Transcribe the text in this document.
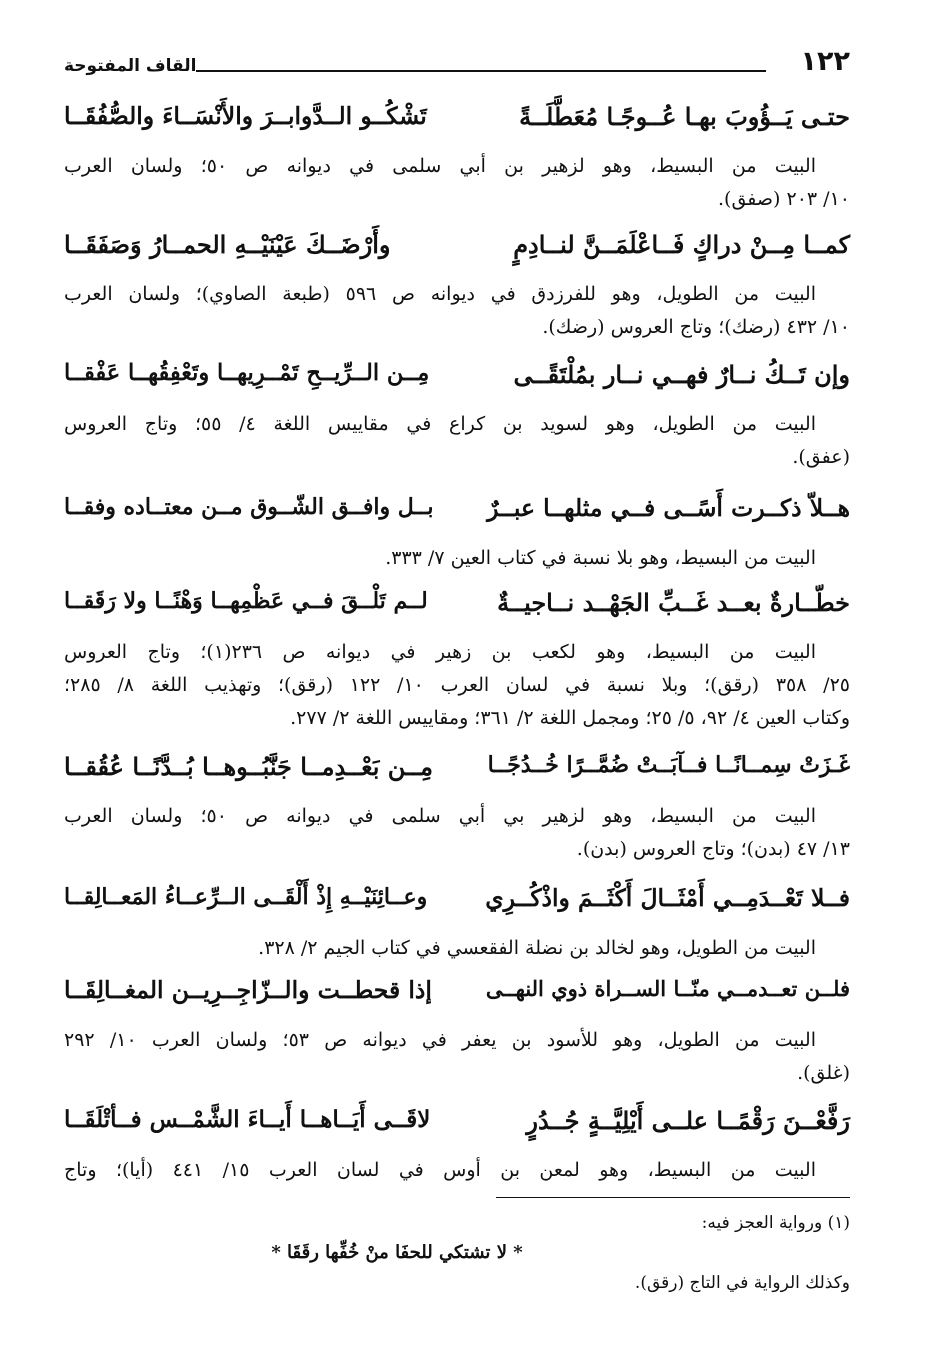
١٢٢
القاف المفتوحة
حتـى يَــؤُوبَ بهـا عُــوجًـا مُعَطَّلَــةً
تَشْكُــو الــدَّوابــرَ والأَنْسَــاءَ والصُّفُقَــا
البيت من البسيط، وهو لزهير بن أبي سلمى في ديوانه ص ٥٠؛ ولسان العرب
١٠/ ٢٠٣ (صفق).
كمــا مِــنْ دراكٍ فَــاعْلَمَــنَّ لنــادِمٍ
وأَرْضَــكَ عَيْنَيْــهِ الحمــارُ وَصَفَقَــا
البيت من الطويل، وهو للفرزدق في ديوانه ص ٥٩٦ (طبعة الصاوي)؛ ولسان العرب
١٠/ ٤٣٢ (رضك)؛ وتاج العروس (رضك).
وإن تَــكُ نــارٌ فهــي نــار بمُلْتَقًــى
مِــن الــرِّيــحِ تَمْــرِيهــا وتَعْفِقُهــا عَفْقــا
البيت من الطويل، وهو لسويد بن كراع في مقاييس اللغة ٤/ ٥٥؛ وتاج العروس
(عفق).
هــلاّ ذكــرت أَسًــى فــي مثلهــا عبــرٌ
بــل وافــق الشّــوق مــن معتــاده وفقــا
البيت من البسيط، وهو بلا نسبة في كتاب العين ٧/ ٣٣٣.
خطّــارةٌ بعــد غَــبِّ الجَهْــد نــاجيــةٌ
لــم تَلْــقَ فــي عَظْمِهــا وَهْنًــا ولا رَقَقــا
البيت من البسيط، وهو لكعب بن زهير في ديوانه ص ٢٣٦(١)؛ وتاج العروس
٢٥/ ٣٥٨ (رقق)؛ وبلا نسبة في لسان العرب ١٠/ ١٢٢ (رقق)؛ وتهذيب اللغة ٨/ ٢٨٥؛
وكتاب العين ٤/ ٩٢، ٥/ ٢٥؛ ومجمل اللغة ٢/ ٣٦١؛ ومقاييس اللغة ٢/ ٢٧٧.
غَـزَتْ سِمــانًــا فــآبَــتْ ضُمَّــرًا خُــدُجًــا
مِــن بَعْــدِمــا جَنَّبُــوهــا بُــدَّنًــا عُقُقــا
البيت من البسيط، وهو لزهير بي أبي سلمى في ديوانه ص ٥٠؛ ولسان العرب
١٣/ ٤٧ (بدن)؛ وتاج العروس (بدن).
فــلا تَعْــدَمِــي أَمْثَــالَ أَكْثَــمَ واذْكُــرِي
وعــائِنَيْــهِ إِذْ أَلْقَــى الــرِّعــاءُ المَعــالِقــا
البيت من الطويل، وهو لخالد بن نضلة الفقعسي في كتاب الجيم ٢/ ٣٢٨.
فلــن تعــدمــي منّــا الســراة ذوي النهــى
إذا قحطــت والــزّاجِــرِيــن المغــالِقَــا
البيت من الطويل، وهو للأسود بن يعفر في ديوانه ص ٥٣؛ ولسان العرب ١٠/ ٢٩٢
(غلق).
رَفَّعْــنَ رَقْمًــا علــى أَيْلِيَّــةٍ جُــدُرٍ
لاقَــى أَيَــاهــا أَيــاءَ الشَّمْــس فــأتْلَقَــا
البيت من البسيط، وهو لمعن بن أوس في لسان العرب ١٥/ ٤٤١ (أيا)؛ وتاج
(١) ورواية العجز فيه:
* لا تشتكي للحفَا منْ خُفِّها رقَقَا *
وكذلك الرواية في التاج (رقق).
